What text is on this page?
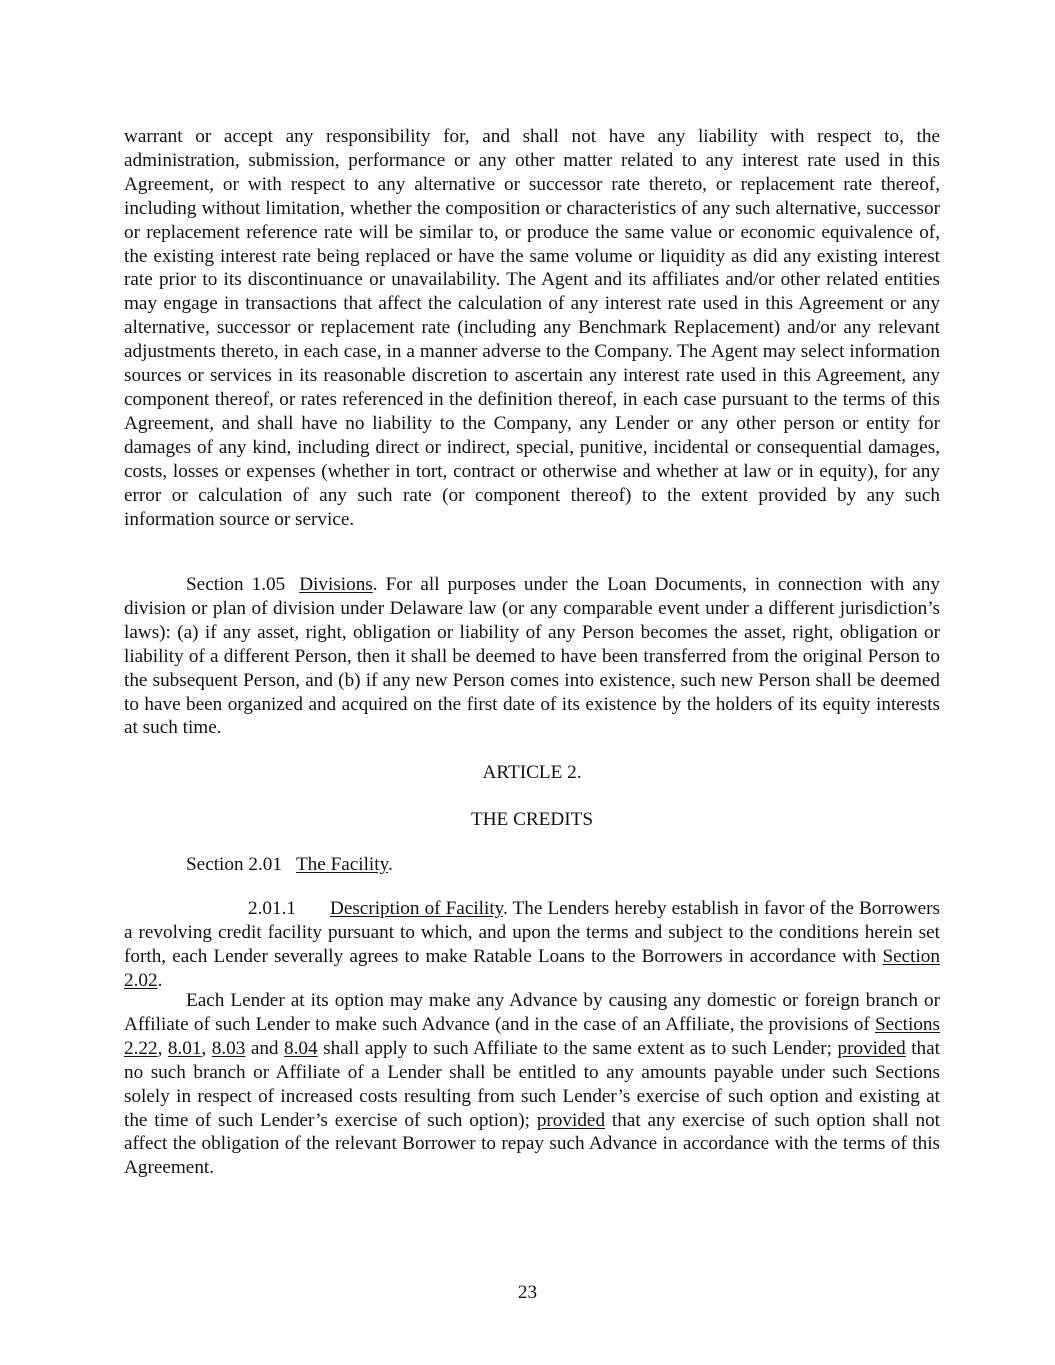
warrant or accept any responsibility for, and shall not have any liability with respect to, the administration, submission, performance or any other matter related to any interest rate used in this Agreement, or with respect to any alternative or successor rate thereto, or replacement rate thereof, including without limitation, whether the composition or characteristics of any such alternative, successor or replacement reference rate will be similar to, or produce the same value or economic equivalence of, the existing interest rate being replaced or have the same volume or liquidity as did any existing interest rate prior to its discontinuance or unavailability. The Agent and its affiliates and/or other related entities may engage in transactions that affect the calculation of any interest rate used in this Agreement or any alternative, successor or replacement rate (including any Benchmark Replacement) and/or any relevant adjustments thereto, in each case, in a manner adverse to the Company. The Agent may select information sources or services in its reasonable discretion to ascertain any interest rate used in this Agreement, any component thereof, or rates referenced in the definition thereof, in each case pursuant to the terms of this Agreement, and shall have no liability to the Company, any Lender or any other person or entity for damages of any kind, including direct or indirect, special, punitive, incidental or consequential damages, costs, losses or expenses (whether in tort, contract or otherwise and whether at law or in equity), for any error or calculation of any such rate (or component thereof) to the extent provided by any such information source or service.

Section 1.05 Divisions. For all purposes under the Loan Documents, in connection with any division or plan of division under Delaware law (or any comparable event under a different jurisdiction’s laws): (a) if any asset, right, obligation or liability of any Person becomes the asset, right, obligation or liability of a different Person, then it shall be deemed to have been transferred from the original Person to the subsequent Person, and (b) if any new Person comes into existence, such new Person shall be deemed to have been organized and acquired on the first date of its existence by the holders of its equity interests at such time.

ARTICLE 2.

THE CREDITS

Section 2.01 The Facility.

2.01.1 Description of Facility. The Lenders hereby establish in favor of the Borrowers a revolving credit facility pursuant to which, and upon the terms and subject to the conditions herein set forth, each Lender severally agrees to make Ratable Loans to the Borrowers in accordance with Section 2.02.

Each Lender at its option may make any Advance by causing any domestic or foreign branch or Affiliate of such Lender to make such Advance (and in the case of an Affiliate, the provisions of Sections 2.22, 8.01, 8.03 and 8.04 shall apply to such Affiliate to the same extent as to such Lender; provided that no such branch or Affiliate of a Lender shall be entitled to any amounts payable under such Sections solely in respect of increased costs resulting from such Lender’s exercise of such option and existing at the time of such Lender’s exercise of such option); provided that any exercise of such option shall not affect the obligation of the relevant Borrower to repay such Advance in accordance with the terms of this Agreement.

23
